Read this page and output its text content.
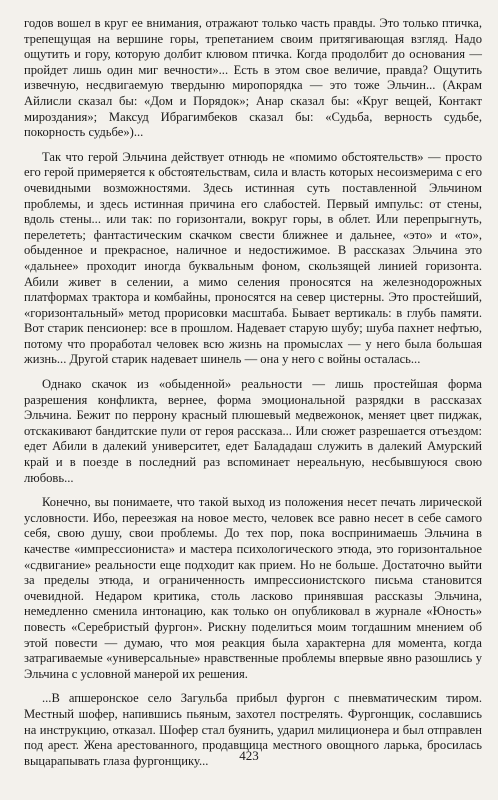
годов вошел в круг ее внимания, отражают только часть правды. Это только птичка, трепещущая на вершине горы, трепетанием своим притягивающая взгляд. Надо ощутить и гору, которую долбит клювом птичка. Когда продолбит до основания — пройдет лишь один миг вечности»... Есть в этом свое величие, правда? Ощутить извечную, несдвигаемую твердыню миропорядка — это тоже Эльчин... (Акрам Айлисли сказал бы: «Дом и Порядок»; Анар сказал бы: «Круг вещей, Контакт мироздания»; Максуд Ибрагимбеков сказал бы: «Судьба, верность судьбе, покорность судьбе»)...

Так что герой Эльчина действует отнюдь не «помимо обстоятельств» — просто его герой примеряется к обстоятельствам, сила и власть которых несоизмерима с его очевидными возможностями. Здесь истинная суть поставленной Эльчином проблемы, и здесь истинная причина его слабостей. Первый импульс: от стены, вдоль стены... или так: по горизонтали, вокруг горы, в облет. Или перепрыгнуть, перелететь; фантастическим скачком свести ближнее и дальнее, «это» и «то», обыденное и прекрасное, наличное и недостижимое. В рассказах Эльчина это «дальнее» проходит иногда буквальным фоном, скользящей линией горизонта. Абили живет в селении, а мимо селения проносятся на железнодорожных платформах тракторa и комбайны, проносятся на север цистерны. Это простейший, «горизонтальный» метод прорисовки масштаба. Бывает вертикаль: в глубь памяти. Вот старик пенсионер: все в прошлом. Надевает старую шубу; шуба пахнет нефтью, потому что проработал человек всю жизнь на промыслах — у него была большая жизнь... Другой старик надевает шинель — она у него с войны осталась...

Однако скачок из «обыденной» реальности — лишь простейшая форма разрешения конфликта, вернее, форма эмоциональной разрядки в рассказах Эльчина. Бежит по перрону красный плюшевый медвежонок, меняет цвет пиджак, отскакивают бандитские пули от героя рассказа... Или сюжет разрешается отъездом: едет Абили в далекий университет, едет Балададаш служить в далекий Амурский край и в поезде в последний раз вспоминает нереальную, несбывшуюся свою любовь...

Конечно, вы понимаете, что такой выход из положения несет печать лирической условности. Ибо, переезжая на новое место, человек все равно несет в себе самого себя, свою душу, свои проблемы. До тех пор, пока воспринимаешь Эльчина в качестве «импрессиониста» и мастера психологического этюда, это горизонтальное «сдвигание» реальности еще подходит как прием. Но не больше. Достаточно выйти за пределы этюда, и ограниченность импрессионистского письма становится очевидной. Недаром критика, столь ласково принявшая рассказы Эльчина, немедленно сменила интонацию, как только он опубликовал в журнале «Юность» повесть «Серебристый фургон». Рискну поделиться моим тогдашним мнением об этой повести — думаю, что моя реакция была характерна для момента, когда затрагиваемые «универсальные» нравственные проблемы впервые явно разошлись у Эльчина с условной манерой их решения.

...В апшеронское село Загульба прибыл фургон с пневматическим тиром. Местный шофер, напившись пьяным, захотел пострелять. Фургонщик, сославшись на инструкцию, отказал. Шофер стал буянить, ударил милиционера и был отправлен под арест. Жена арестованного, продавщица местного овощного ларька, бросилась выцарапывать глаза фургонщику...	423
